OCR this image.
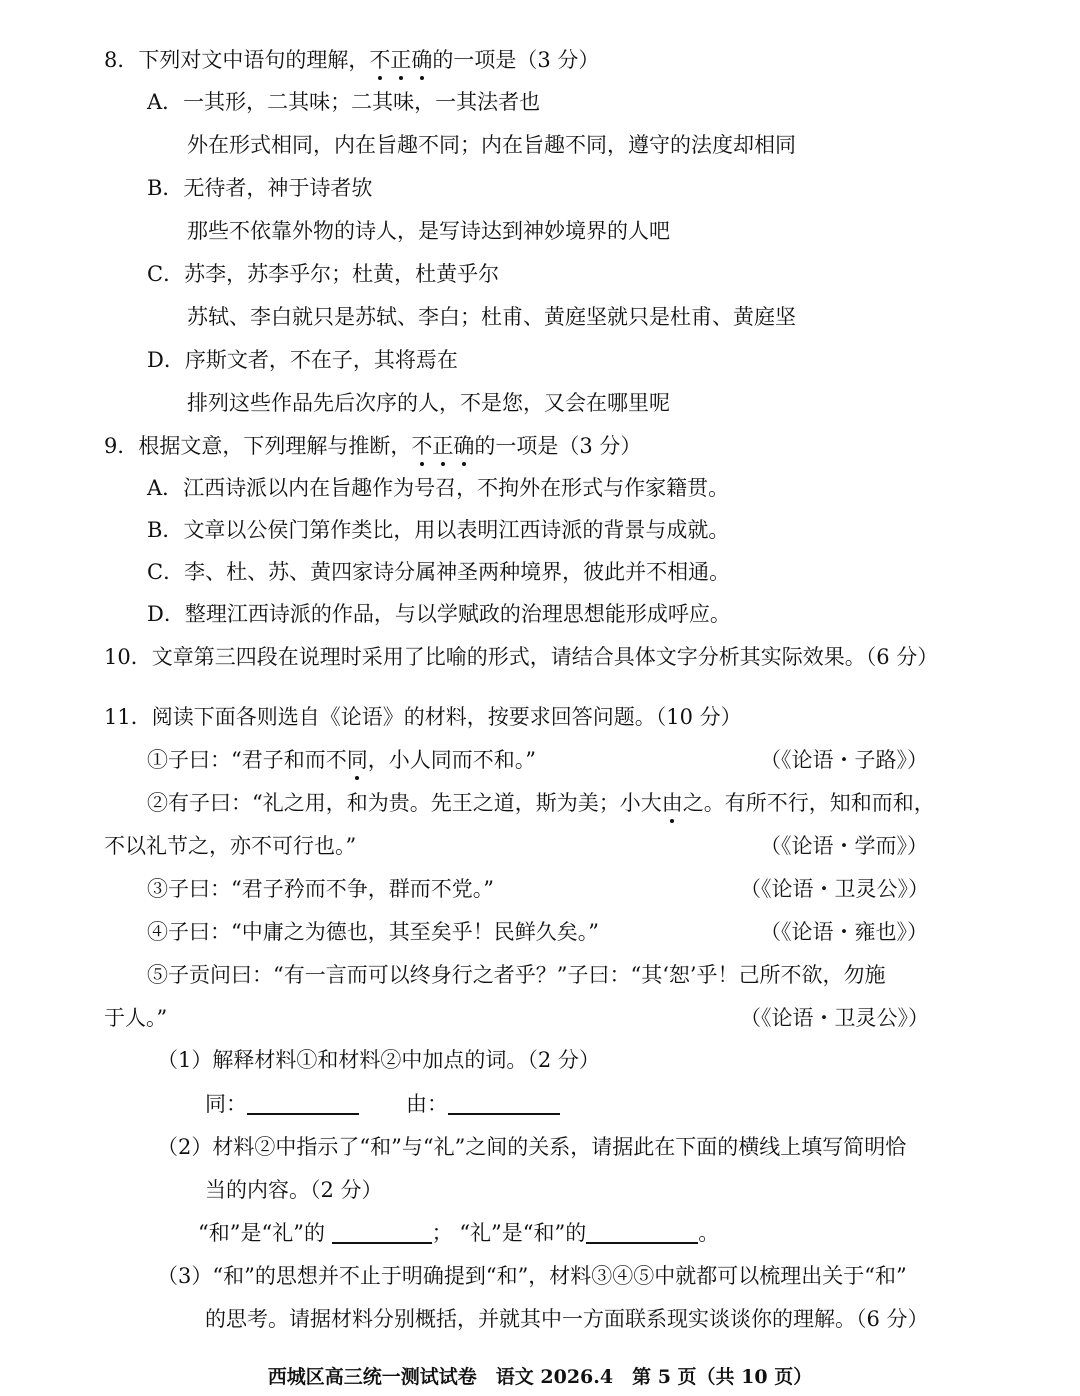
8．下列对文中语句的理解，不
正
确
的一项是（3 分）
A．一其形，二其味；二其味，一其法者也
外在形式相同，内在旨趣不同；内在旨趣不同，遵守的法度却相同
B．无待者，神于诗者欤
那些不依靠外物的诗人，是写诗达到神妙境界的人吧
C．苏李，苏李乎尔；杜黄，杜黄乎尔
苏轼、李白就只是苏轼、李白；杜甫、黄庭坚就只是杜甫、黄庭坚
D．序斯文者，不在子，其将焉在
排列这些作品先后次序的人，不是您，又会在哪里呢
9．根据文意，下列理解与推断，不
正
确
的一项是（3 分）
A．江西诗派以内在旨趣作为号召，不拘外在形式与作家籍贯。
B．文章以公侯门第作类比，用以表明江西诗派的背景与成就。
C．李、杜、苏、黄四家诗分属神圣两种境界，彼此并不相通。
D．整理江西诗派的作品，与以学赋政的治理思想能形成呼应。
10．文章第三四段在说理时采用了比喻的形式，请结合具体文字分析其实际效果。（6 分）
11．阅读下面各则选自《论语》的材料，按要求回答问题。（10 分）
①子曰：“君子和而不同
，小人同而不和。”	（《论语・子路》）
②有子曰：“礼之用，和为贵。先王之道，斯为美；小大由
之。有所不行，知和而和，
不以礼节之，亦不可行也。”	（《论语・学而》）
③子曰：“君子矜而不争，群而不党。”	（《论语・卫灵公》）
④子曰：“中庸之为德也，其至矣乎！民鲜久矣。”	（《论语・雍也》）
⑤子贡问曰：“有一言而可以终身行之者乎？”子曰：“其‘恕’乎！己所不欲，勿施
于人。”	（《论语・卫灵公》）
（1）解释材料①和材料②中加点的词。（2 分）
同：	由：
（2）材料②中指示了“和”与“礼”之间的关系，请据此在下面的横线上填写简明恰
当的内容。（2 分）
“和”是“礼”的	； “礼”是“和”的	。
（3）“和”的思想并不止于明确提到“和”，材料③④⑤中就都可以梳理出关于“和”
的思考。请据材料分别概括，并就其中一方面联系现实谈谈你的理解。（6 分）
西城区高三统一测试试卷　语文 2026.4　第 5 页（共 10 页）
